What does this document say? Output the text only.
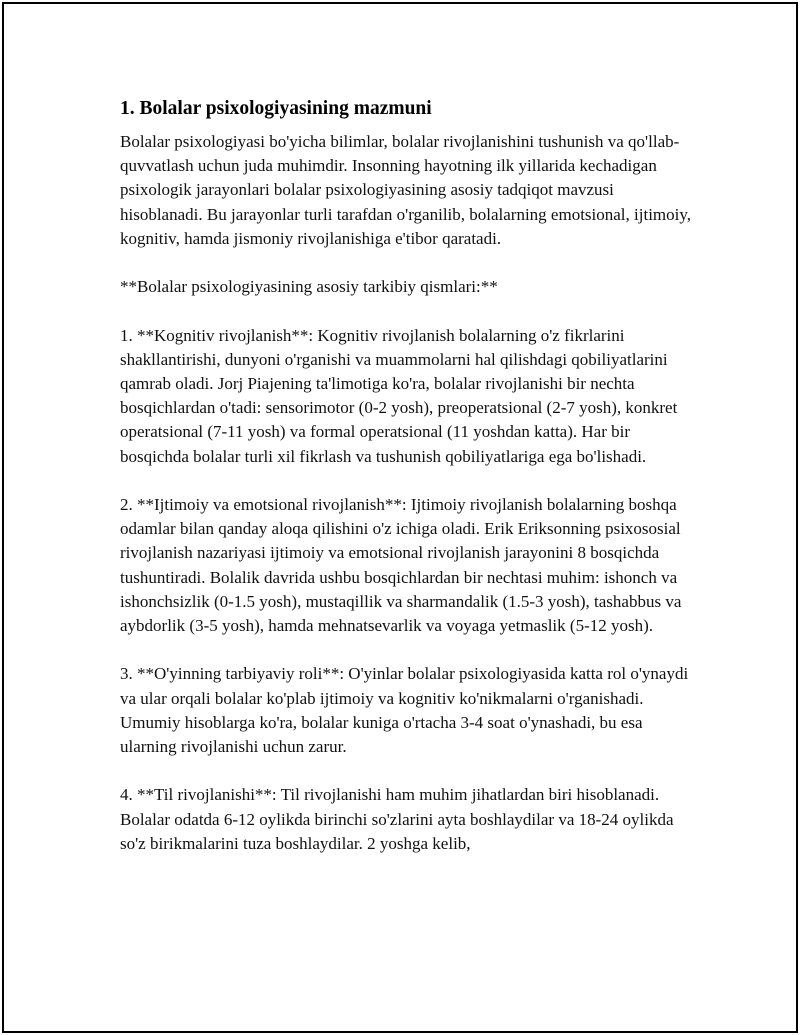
1. Bolalar psixologiyasining mazmuni

Bolalar psixologiyasi bo'yicha bilimlar, bolalar rivojlanishini tushunish va qo'llab-quvvatlash uchun juda muhimdir. Insonning hayotning ilk yillarida kechadigan psixologik jarayonlari bolalar psixologiyasining asosiy tadqiqot mavzusi hisoblanadi. Bu jarayonlar turli tarafdan o'rganilib, bolalarning emotsional, ijtimoiy, kognitiv, hamda jismoniy rivojlanishiga e'tibor qaratadi.

**Bolalar psixologiyasining asosiy tarkibiy qismlari:**

1. **Kognitiv rivojlanish**: Kognitiv rivojlanish bolalarning o'z fikrlarini shakllantirishi, dunyoni o'rganishi va muammolarni hal qilishdagi qobiliyatlarini qamrab oladi. Jorj Piajening ta'limotiga ko'ra, bolalar rivojlanishi bir nechta bosqichlardan o'tadi: sensorimotor (0-2 yosh), preoperatsional (2-7 yosh), konkret operatsional (7-11 yosh) va formal operatsional (11 yoshdan katta). Har bir bosqichda bolalar turli xil fikrlash va tushunish qobiliyatlariga ega bo'lishadi.

2. **Ijtimoiy va emotsional rivojlanish**: Ijtimoiy rivojlanish bolalarning boshqa odamlar bilan qanday aloqa qilishini o'z ichiga oladi. Erik Eriksonning psixososial rivojlanish nazariyasi ijtimoiy va emotsional rivojlanish jarayonini 8 bosqichda tushuntiradi. Bolalik davrida ushbu bosqichlardan bir nechtasi muhim: ishonch va ishonchsizlik (0-1.5 yosh), mustaqillik va sharmandalik (1.5-3 yosh), tashabbus va aybdorlik (3-5 yosh), hamda mehnatsevarlik va voyaga yetmaslik (5-12 yosh).

3. **O'yinning tarbiyaviy roli**: O'yinlar bolalar psixologiyasida katta rol o'ynaydi va ular orqali bolalar ko'plab ijtimoiy va kognitiv ko'nikmalarni o'rganishadi. Umumiy hisoblarga ko'ra, bolalar kuniga o'rtacha 3-4 soat o'ynashadi, bu esa ularning rivojlanishi uchun zarur.

4. **Til rivojlanishi**: Til rivojlanishi ham muhim jihatlardan biri hisoblanadi. Bolalar odatda 6-12 oylikda birinchi so'zlarini ayta boshlaydilar va 18-24 oylikda so'z birikmalarini tuza boshlaydilar. 2 yoshga kelib,
